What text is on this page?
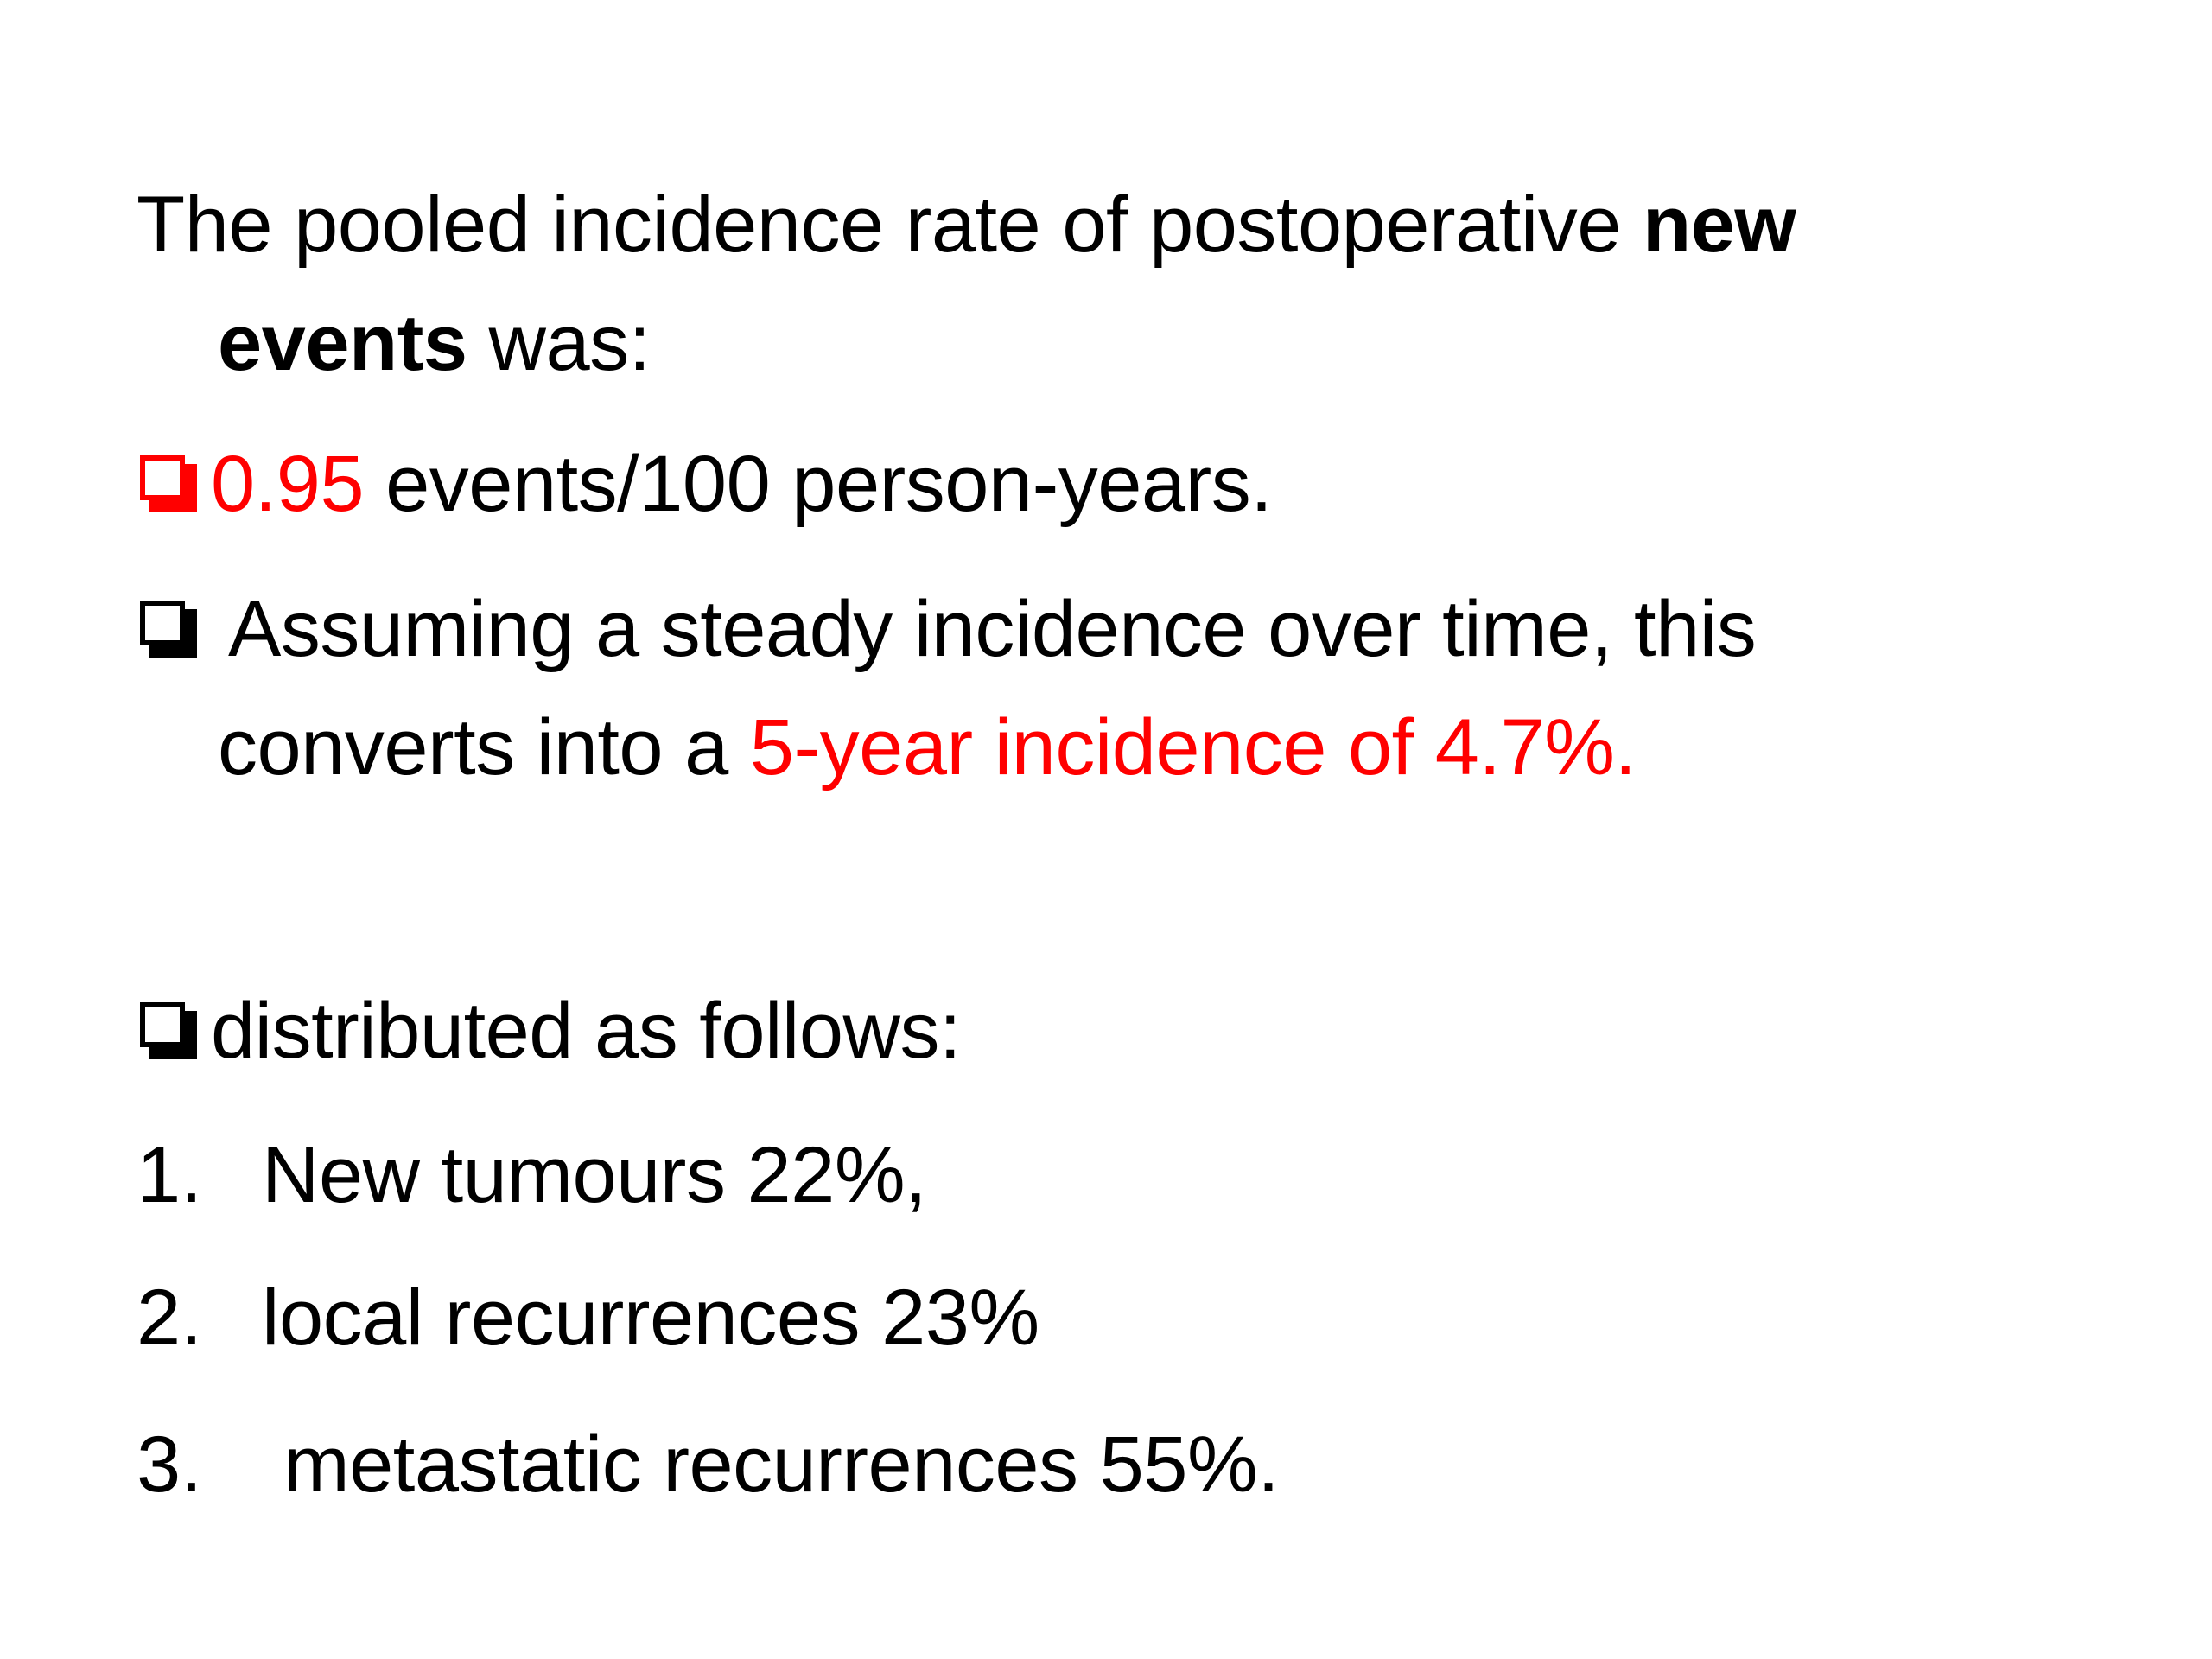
The pooled incidence rate of postoperative new
events was:
0.95 events/100 person-years.
Assuming a steady incidence over time, this
converts into a 5-year incidence of 4.7%.
distributed as follows:
1. New tumours 22%,
2. local recurrences 23%
3. metastatic recurrences 55%.
